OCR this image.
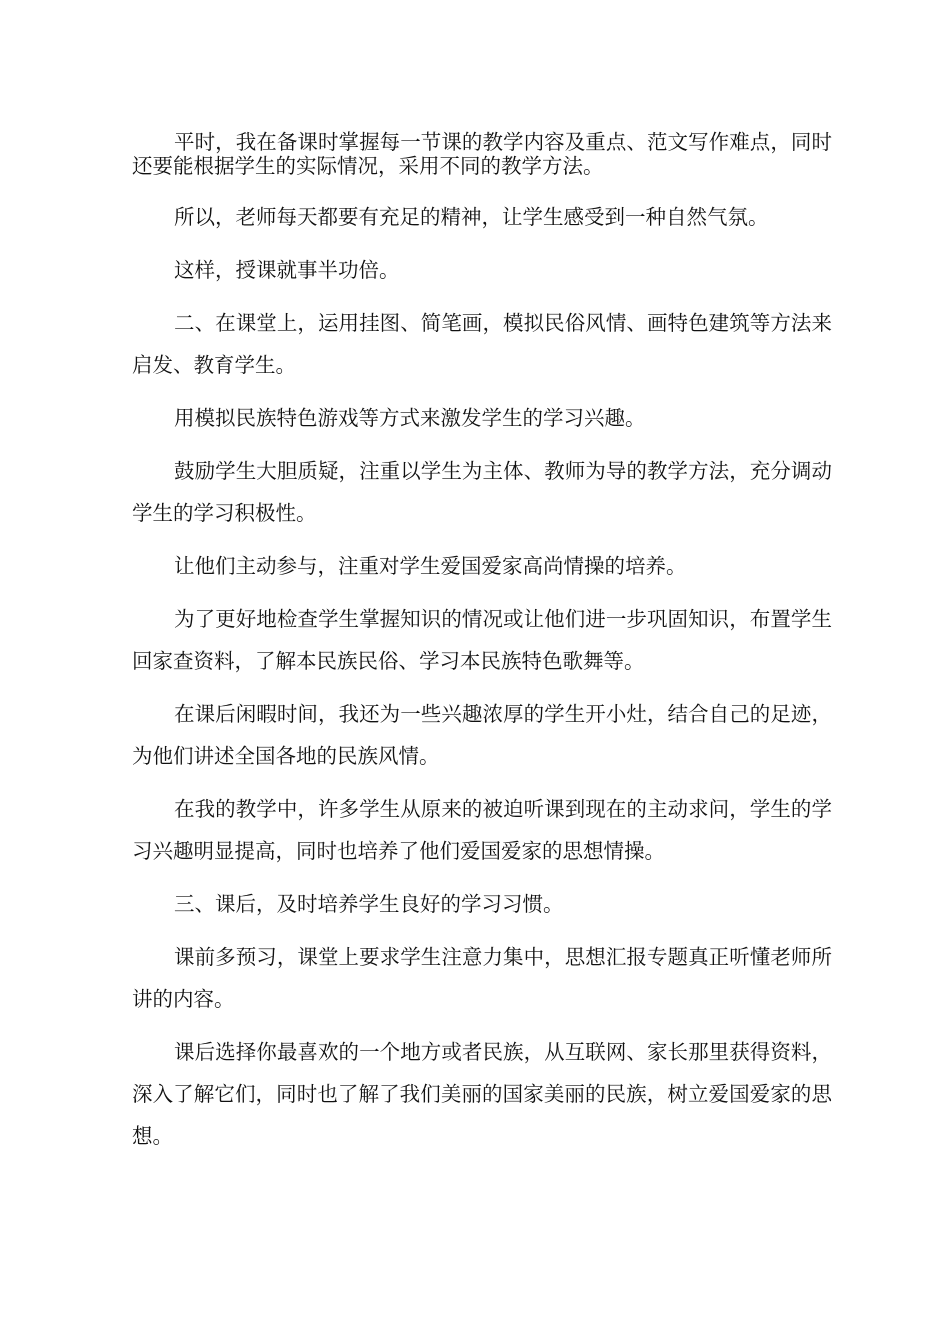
平时，我在备课时掌握每一节课的教学内容及重点、范文写作难点，同时还要能根据学生的实际情况，采用不同的教学方法。

所以，老师每天都要有充足的精神，让学生感受到一种自然气氛。

这样，授课就事半功倍。

二、在课堂上，运用挂图、简笔画，模拟民俗风情、画特色建筑等方法来启发、教育学生。

用模拟民族特色游戏等方式来激发学生的学习兴趣。

鼓励学生大胆质疑，注重以学生为主体、教师为导的教学方法，充分调动学生的学习积极性。

让他们主动参与，注重对学生爱国爱家高尚情操的培养。

为了更好地检查学生掌握知识的情况或让他们进一步巩固知识，布置学生回家查资料，了解本民族民俗、学习本民族特色歌舞等。

在课后闲暇时间，我还为一些兴趣浓厚的学生开小灶，结合自己的足迹，为他们讲述全国各地的民族风情。

在我的教学中，许多学生从原来的被迫听课到现在的主动求问，学生的学习兴趣明显提高，同时也培养了他们爱国爱家的思想情操。

三、课后，及时培养学生良好的学习习惯。

课前多预习，课堂上要求学生注意力集中，思想汇报专题真正听懂老师所讲的内容。

课后选择你最喜欢的一个地方或者民族，从互联网、家长那里获得资料，深入了解它们，同时也了解了我们美丽的国家美丽的民族，树立爱国爱家的思想。
